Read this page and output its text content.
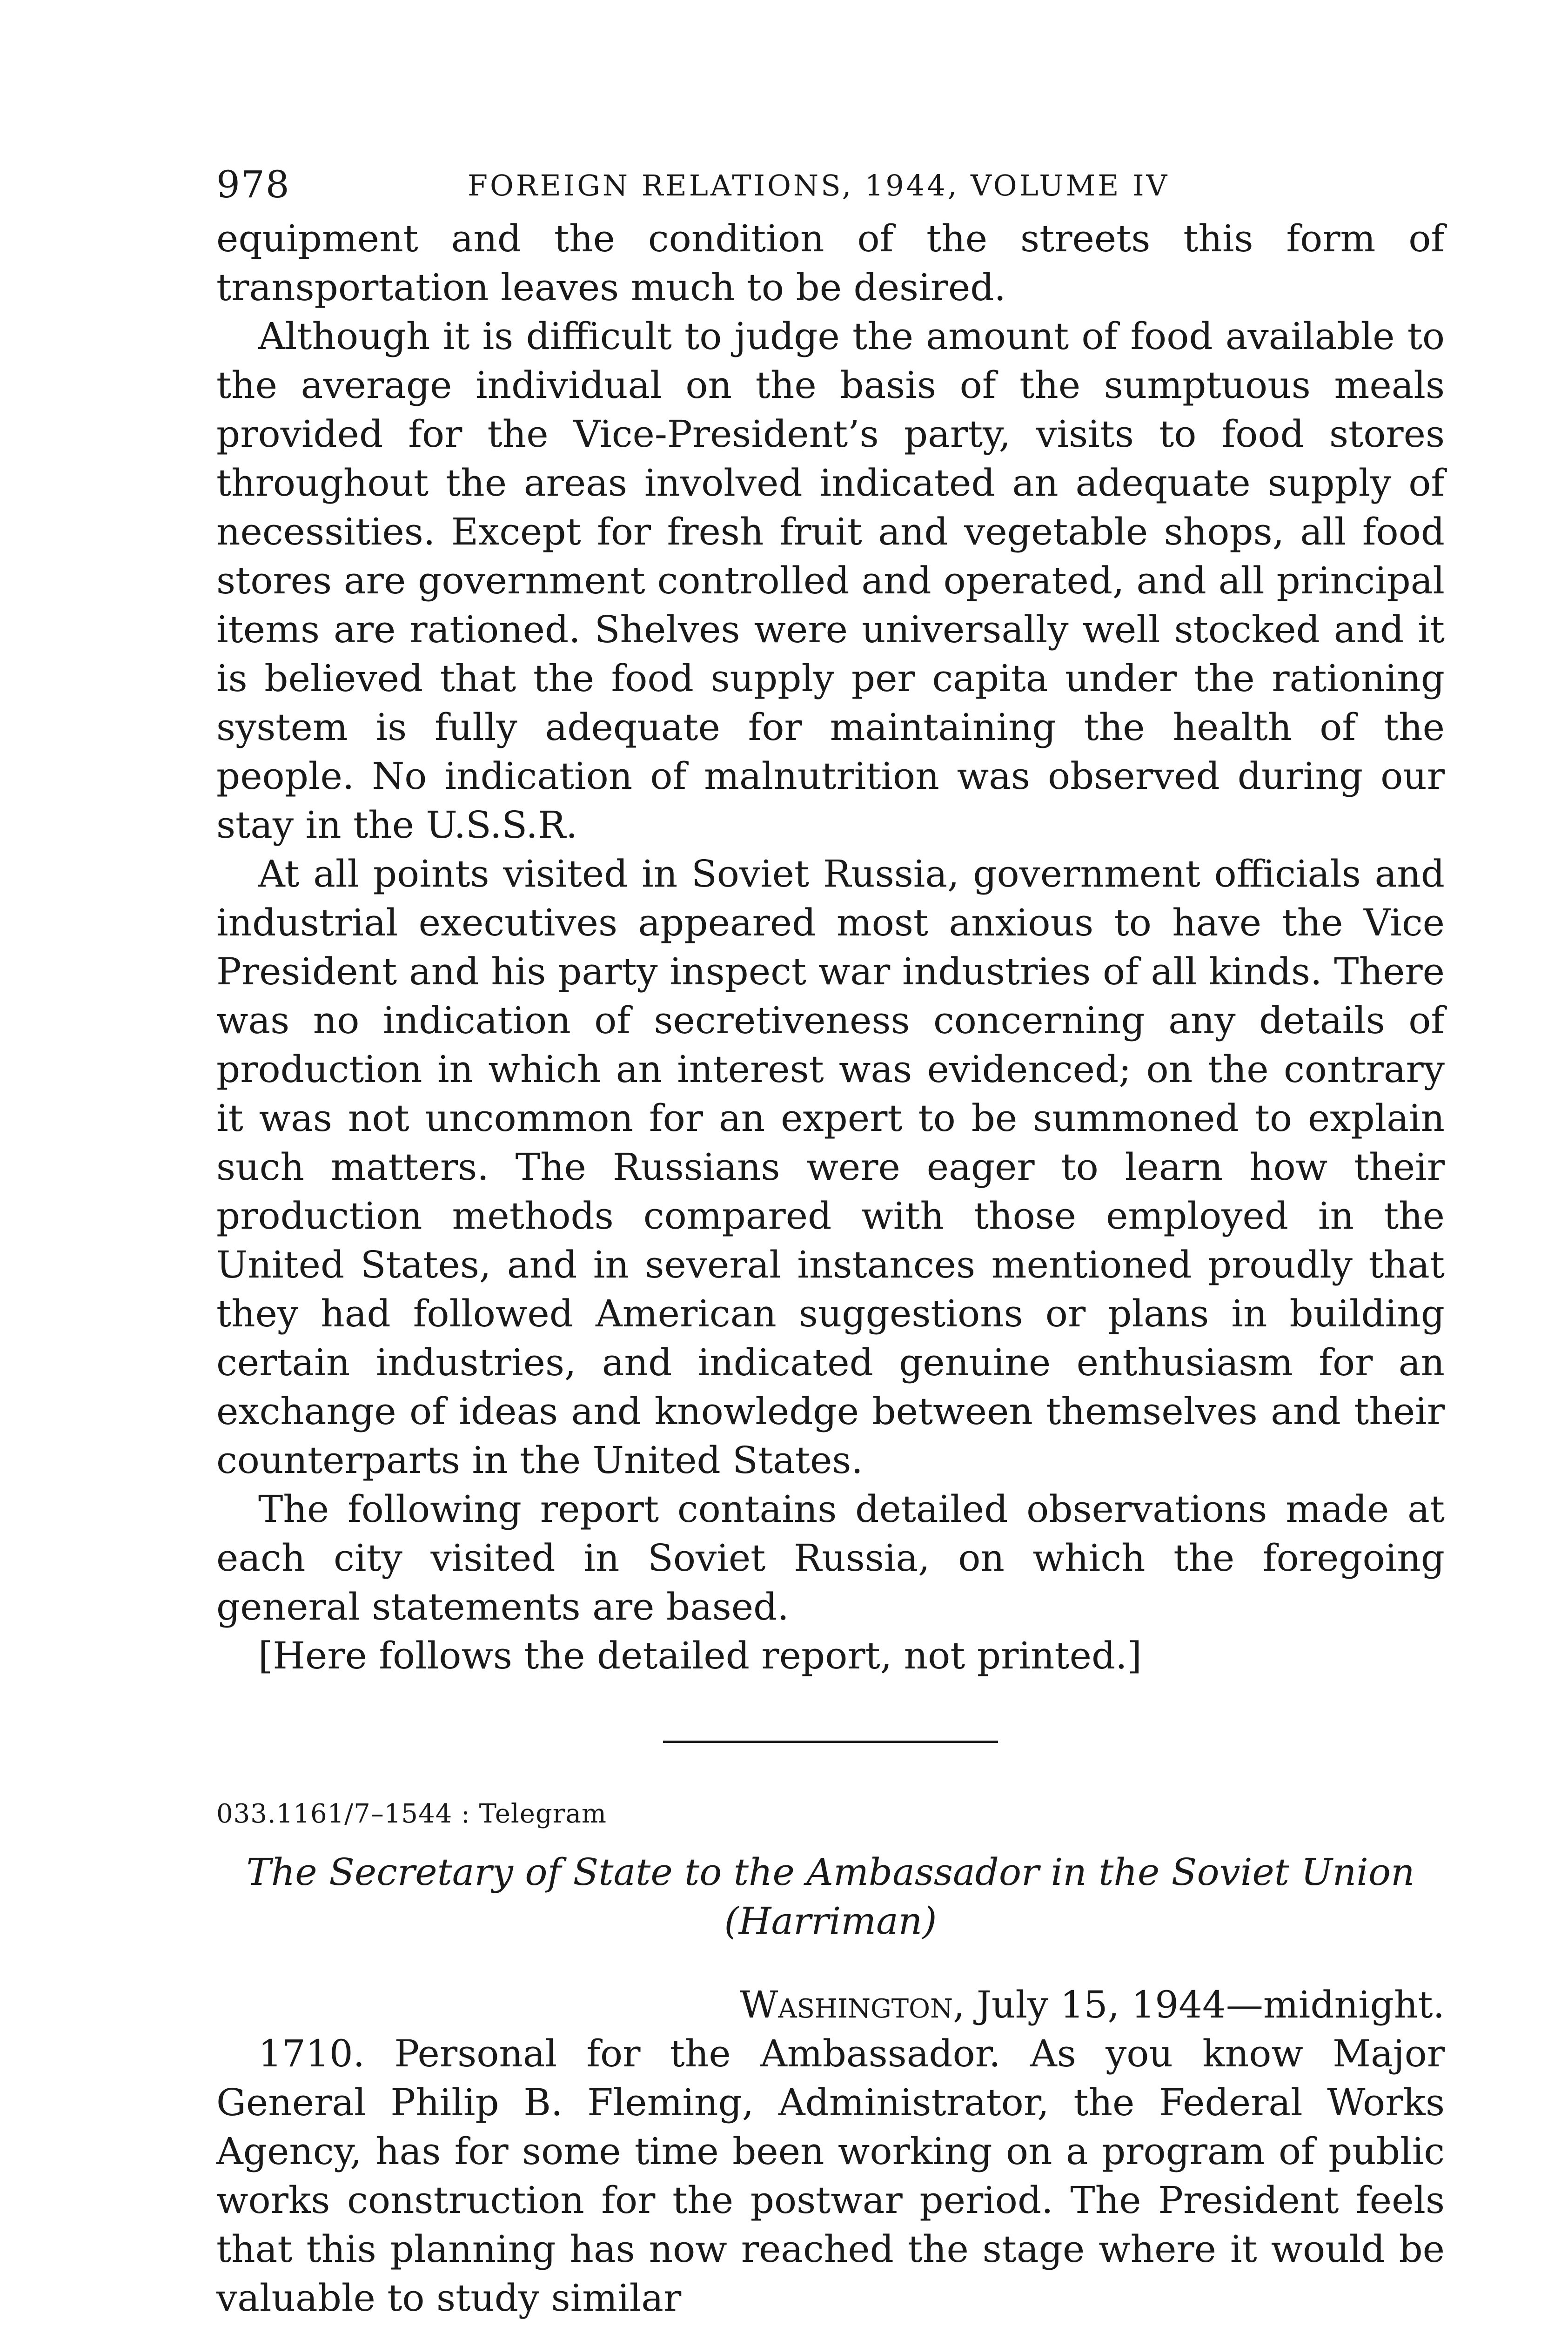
978	FOREIGN RELATIONS, 1944, VOLUME IV

equipment and the condition of the streets this form of transportation leaves much to be desired.

Although it is difficult to judge the amount of food available to the average individual on the basis of the sumptuous meals provided for the Vice-President’s party, visits to food stores throughout the areas involved indicated an adequate supply of necessities. Except for fresh fruit and vegetable shops, all food stores are government controlled and operated, and all principal items are rationed. Shelves were universally well stocked and it is believed that the food supply per capita under the rationing system is fully adequate for maintaining the health of the people. No indication of malnutrition was observed during our stay in the U.S.S.R.

At all points visited in Soviet Russia, government officials and industrial executives appeared most anxious to have the Vice President and his party inspect war industries of all kinds. There was no indication of secretiveness concerning any details of production in which an interest was evidenced; on the contrary it was not uncommon for an expert to be summoned to explain such matters. The Russians were eager to learn how their production methods compared with those employed in the United States, and in several instances mentioned proudly that they had followed American suggestions or plans in building certain industries, and indicated genuine enthusiasm for an exchange of ideas and knowledge between themselves and their counterparts in the United States.

The following report contains detailed observations made at each city visited in Soviet Russia, on which the foregoing general statements are based.

[Here follows the detailed report, not printed.]

033.1161/7–1544 : Telegram
The Secretary of State to the Ambassador in the Soviet Union
(Harriman)
Washington, July 15, 1944—midnight.

1710. Personal for the Ambassador. As you know Major General Philip B. Fleming, Administrator, the Federal Works Agency, has for some time been working on a program of public works construction for the postwar period. The President feels that this planning has now reached the stage where it would be valuable to study similar
